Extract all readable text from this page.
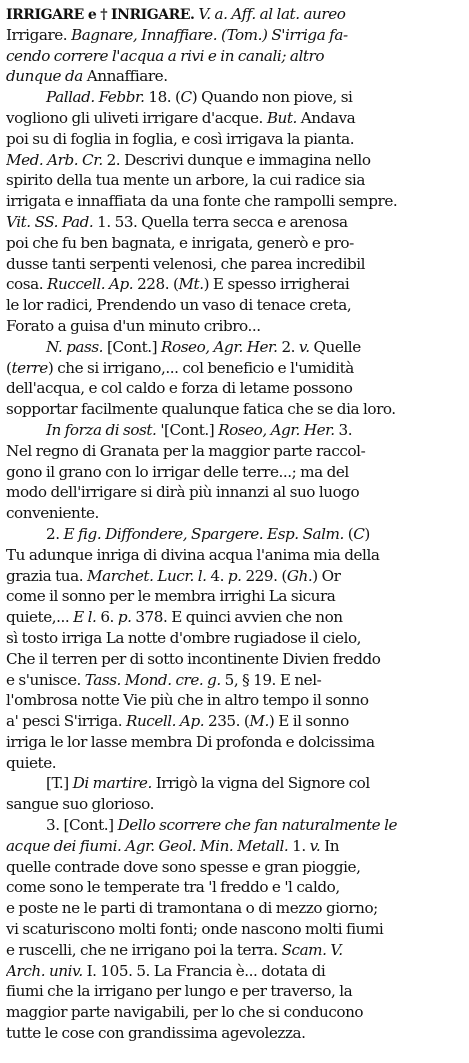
IRRIGARE e † INRIGARE. V. a. Aff. al lat. aureo
Irrigare. Bagnare, Innaffiare. (Tom.) S'irriga fa-
cendo correre l'acqua a rivi e in canali; altro
dunque da Annaffiare.
Pallad. Febbr. 18. (C) Quando non piove, si
vogliono gli uliveti irrigare d'acque. But. Andava
poi su di foglia in foglia, e così irrigava la pianta.
Med. Arb. Cr. 2. Descrivi dunque e immagina nello
spirito della tua mente un arbore, la cui radice sia
irrigata e innaffiata da una fonte che rampolli sempre.
Vit. SS. Pad. 1. 53. Quella terra secca e arenosa
poi che fu ben bagnata, e inrigata, generò e pro-
dusse tanti serpenti velenosi, che parea incredibil
cosa. Ruccell. Ap. 228. (Mt.) E spesso irrigherai
le lor radici, Prendendo un vaso di tenace creta,
Forato a guisa d'un minuto cribro...
N. pass. [Cont.] Roseo, Agr. Her. 2. v. Quelle
(terre) che si irrigano,... col beneficio e l'umidità
dell'acqua, e col caldo e forza di letame possono
sopportar facilmente qualunque fatica che se dia loro.
In forza di sost. '[Cont.] Roseo, Agr. Her. 3.
Nel regno di Granata per la maggior parte raccol-
gono il grano con lo irrigar delle terre...; ma del
modo dell'irrigare si dirà più innanzi al suo luogo
conveniente.
2. E fig. Diffondere, Spargere. Esp. Salm. (C)
Tu adunque inriga di divina acqua l'anima mia della
grazia tua. Marchet. Lucr. l. 4. p. 229. (Gh.) Or
come il sonno per le membra irrighi La sicura
quiete,... E l. 6. p. 378. E quinci avvien che non
sì tosto irriga La notte d'ombre rugiadose il cielo,
Che il terren per di sotto incontinente Divien freddo
e s'unisce. Tass. Mond. cre. g. 5, § 19. E nel-
l'ombrosa notte Vie più che in altro tempo il sonno
a' pesci S'irriga. Rucell. Ap. 235. (M.) E il sonno
irriga le lor lasse membra Di profonda e dolcissima
quiete.
[T.] Di martire. Irrigò la vigna del Signore col
sangue suo glorioso.
3. [Cont.] Dello scorrere che fan naturalmente le
acque dei fiumi. Agr. Geol. Min. Metall. 1. v. In
quelle contrade dove sono spesse e gran pioggie,
come sono le temperate tra 'l freddo e 'l caldo,
e poste ne le parti di tramontana o di mezzo giorno;
vi scaturiscono molti fonti; onde nascono molti fiumi
e ruscelli, che ne irrigano poi la terra. Scam. V.
Arch. univ. I. 105. 5. La Francia è... dotata di
fiumi che la irrigano per lungo e per traverso, la
maggior parte navigabili, per lo che si conducono
tutte le cose con grandissima agevolezza.
